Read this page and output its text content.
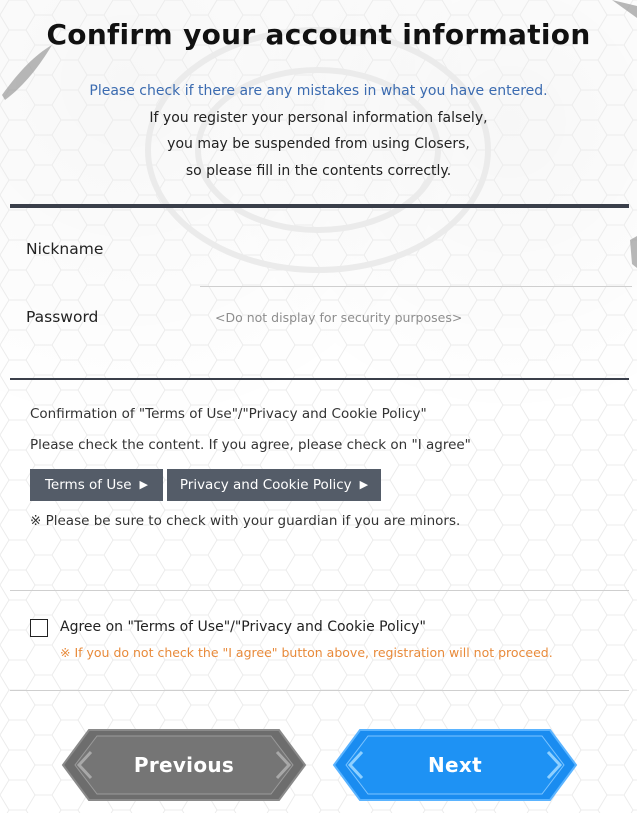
Confirm your account information
Please check if there are any mistakes in what you have entered.
If you register your personal information falsely,
you may be suspended from using Closers,
so please fill in the contents correctly.
Nickname
Password	<Do not display for security purposes>
Confirmation of "Terms of Use"/"Privacy and Cookie Policy"
Please check the content. If you agree, please check on "I agree"
Terms of Use ▶ Privacy and Cookie Policy ▶
※ Please be sure to check with your guardian if you are minors.
Agree on "Terms of Use"/"Privacy and Cookie Policy"
※ If you do not check the "I agree" button above, registration will not proceed.
Previous	Next
